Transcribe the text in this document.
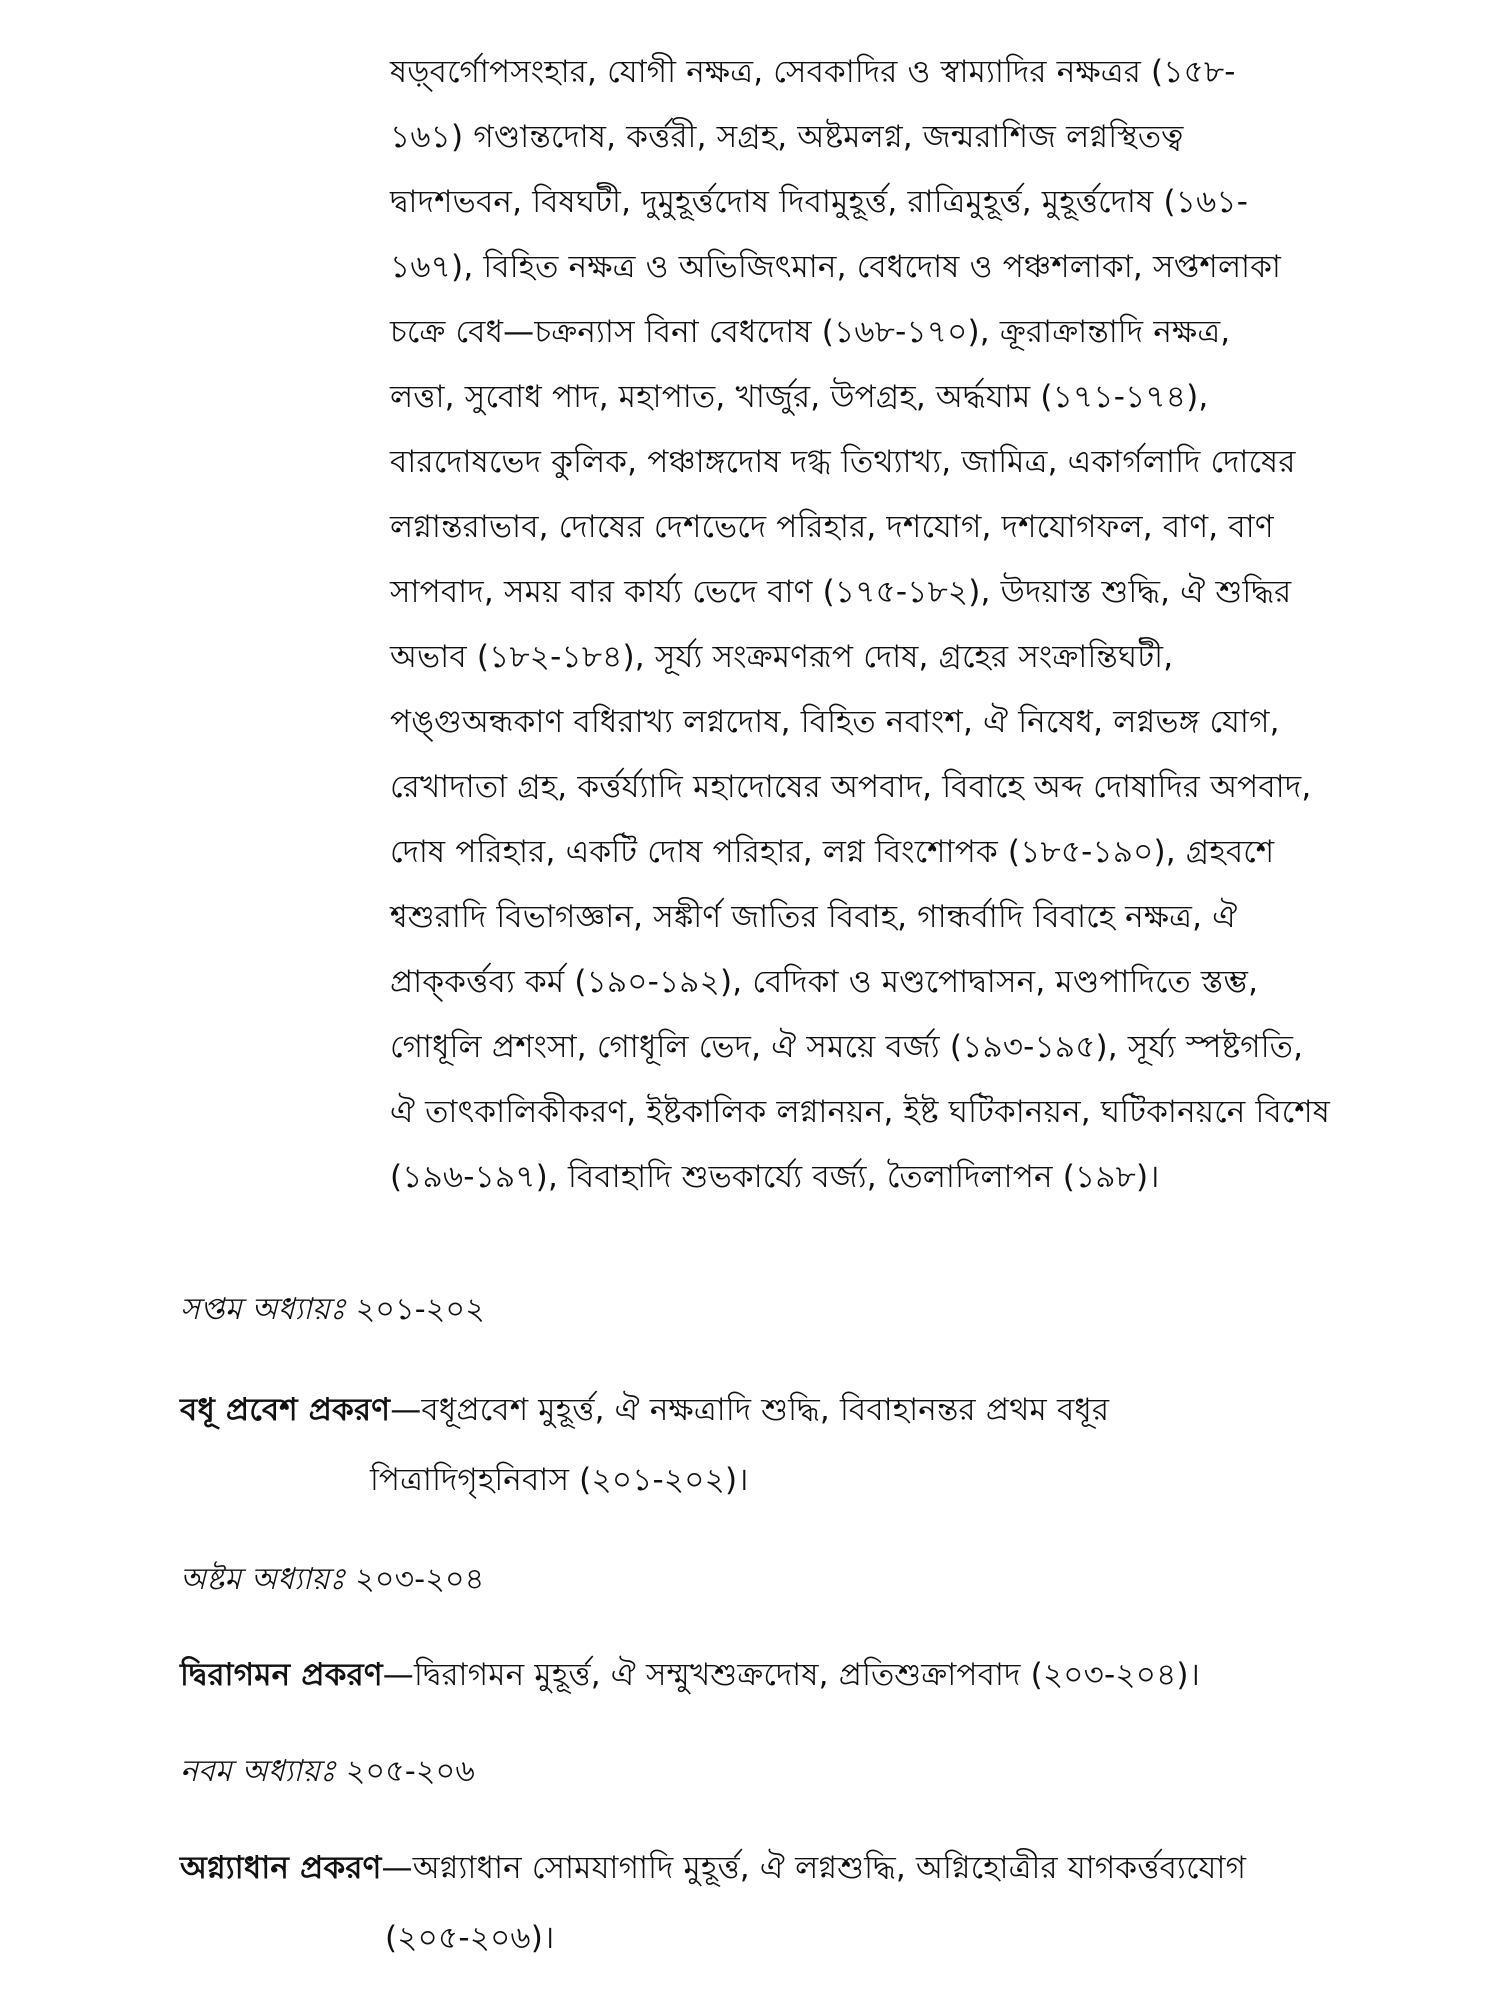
ষড়্‌বর্গোপসংহার, যোগী নক্ষত্র, সেবকাদির ও স্বাম্যাদির নক্ষত্রর (১৫৮-
১৬১) গণ্ডান্তদোষ, কর্ত্তরী, সগ্রহ, অষ্টমলগ্ন, জন্মরাশিজ লগ্নস্থিতত্ব
দ্বাদশভবন, বিষঘটী, দুমুহূর্ত্তদোষ দিবামুহূর্ত্ত, রাত্রিমুহূর্ত্ত, মুহূর্ত্তদোষ (১৬১-
১৬৭), বিহিত নক্ষত্র ও অভিজিৎমান, বেধদোষ ও পঞ্চশলাকা, সপ্তশলাকা
চক্রে বেধ—চক্রন্যাস বিনা বেধদোষ (১৬৮-১৭০), ক্রূরাক্রান্তাদি নক্ষত্র,
লত্তা, সুবোধ পাদ, মহাপাত, খার্জুর, উপগ্রহ, অর্দ্ধযাম (১৭১-১৭৪),
বারদোষভেদ কুলিক, পঞ্চাঙ্গদোষ দগ্ধ তিথ্যাখ্য, জামিত্র, একার্গলাদি দোষের
লগ্নান্তরাভাব, দোষের দেশভেদে পরিহার, দশযোগ, দশযোগফল, বাণ, বাণ
সাপবাদ, সময় বার কার্য্য ভেদে বাণ (১৭৫-১৮২), উদয়াস্ত শুদ্ধি, ঐ শুদ্ধির
অভাব (১৮২-১৮৪), সূর্য্য সংক্রমণরূপ দোষ, গ্রহের সংক্রান্তিঘটী,
পঙ্গুঅন্ধকাণ বধিরাখ্য লগ্নদোষ, বিহিত নবাংশ, ঐ নিষেধ, লগ্নভঙ্গ যোগ,
রেখাদাতা গ্রহ, কর্ত্তর্য্যাদি মহাদোষের অপবাদ, বিবাহে অব্দ দোষাদির অপবাদ,
দোষ পরিহার, একটি দোষ পরিহার, লগ্ন বিংশোপক (১৮৫-১৯০), গ্রহবশে
শ্বশুরাদি বিভাগজ্ঞান, সঙ্কীর্ণ জাতির বিবাহ, গান্ধর্বাদি বিবাহে নক্ষত্র, ঐ
প্রাক্‌কর্ত্তব্য কর্ম (১৯০-১৯২), বেদিকা ও মণ্ডপোদ্বাসন, মণ্ডপাদিতে স্তম্ভ,
গোধূলি প্রশংসা, গোধূলি ভেদ, ঐ সময়ে বর্জ্য (১৯৩-১৯৫), সূর্য্য স্পষ্টগতি,
ঐ তাৎকালিকীকরণ, ইষ্টকালিক লগ্নানয়ন, ইষ্ট ঘটিকানয়ন, ঘটিকানয়নে বিশেষ
(১৯৬-১৯৭), বিবাহাদি শুভকার্য্যে বর্জ্য, তৈলাদিলাপন (১৯৮)।
সপ্তম অধ্যায়ঃ ২০১-২০২
বধূ প্রবেশ প্রকরণ—বধূপ্রবেশ মুহূর্ত্ত, ঐ নক্ষত্রাদি শুদ্ধি, বিবাহানন্তর প্রথম বধূর
পিত্রাদিগৃহনিবাস (২০১-২০২)।
অষ্টম অধ্যায়ঃ ২০৩-২০৪
দ্বিরাগমন প্রকরণ—দ্বিরাগমন মুহূর্ত্ত, ঐ সম্মুখশুক্রদোষ, প্রতিশুক্রাপবাদ (২০৩-২০৪)।
নবম অধ্যায়ঃ ২০৫-২০৬
অগ্ন্যাধান প্রকরণ—অগ্ন্যাধান সোমযাগাদি মুহূর্ত্ত, ঐ লগ্নশুদ্ধি, অগ্নিহোত্রীর যাগকর্ত্তব্যযোগ
(২০৫-২০৬)।
